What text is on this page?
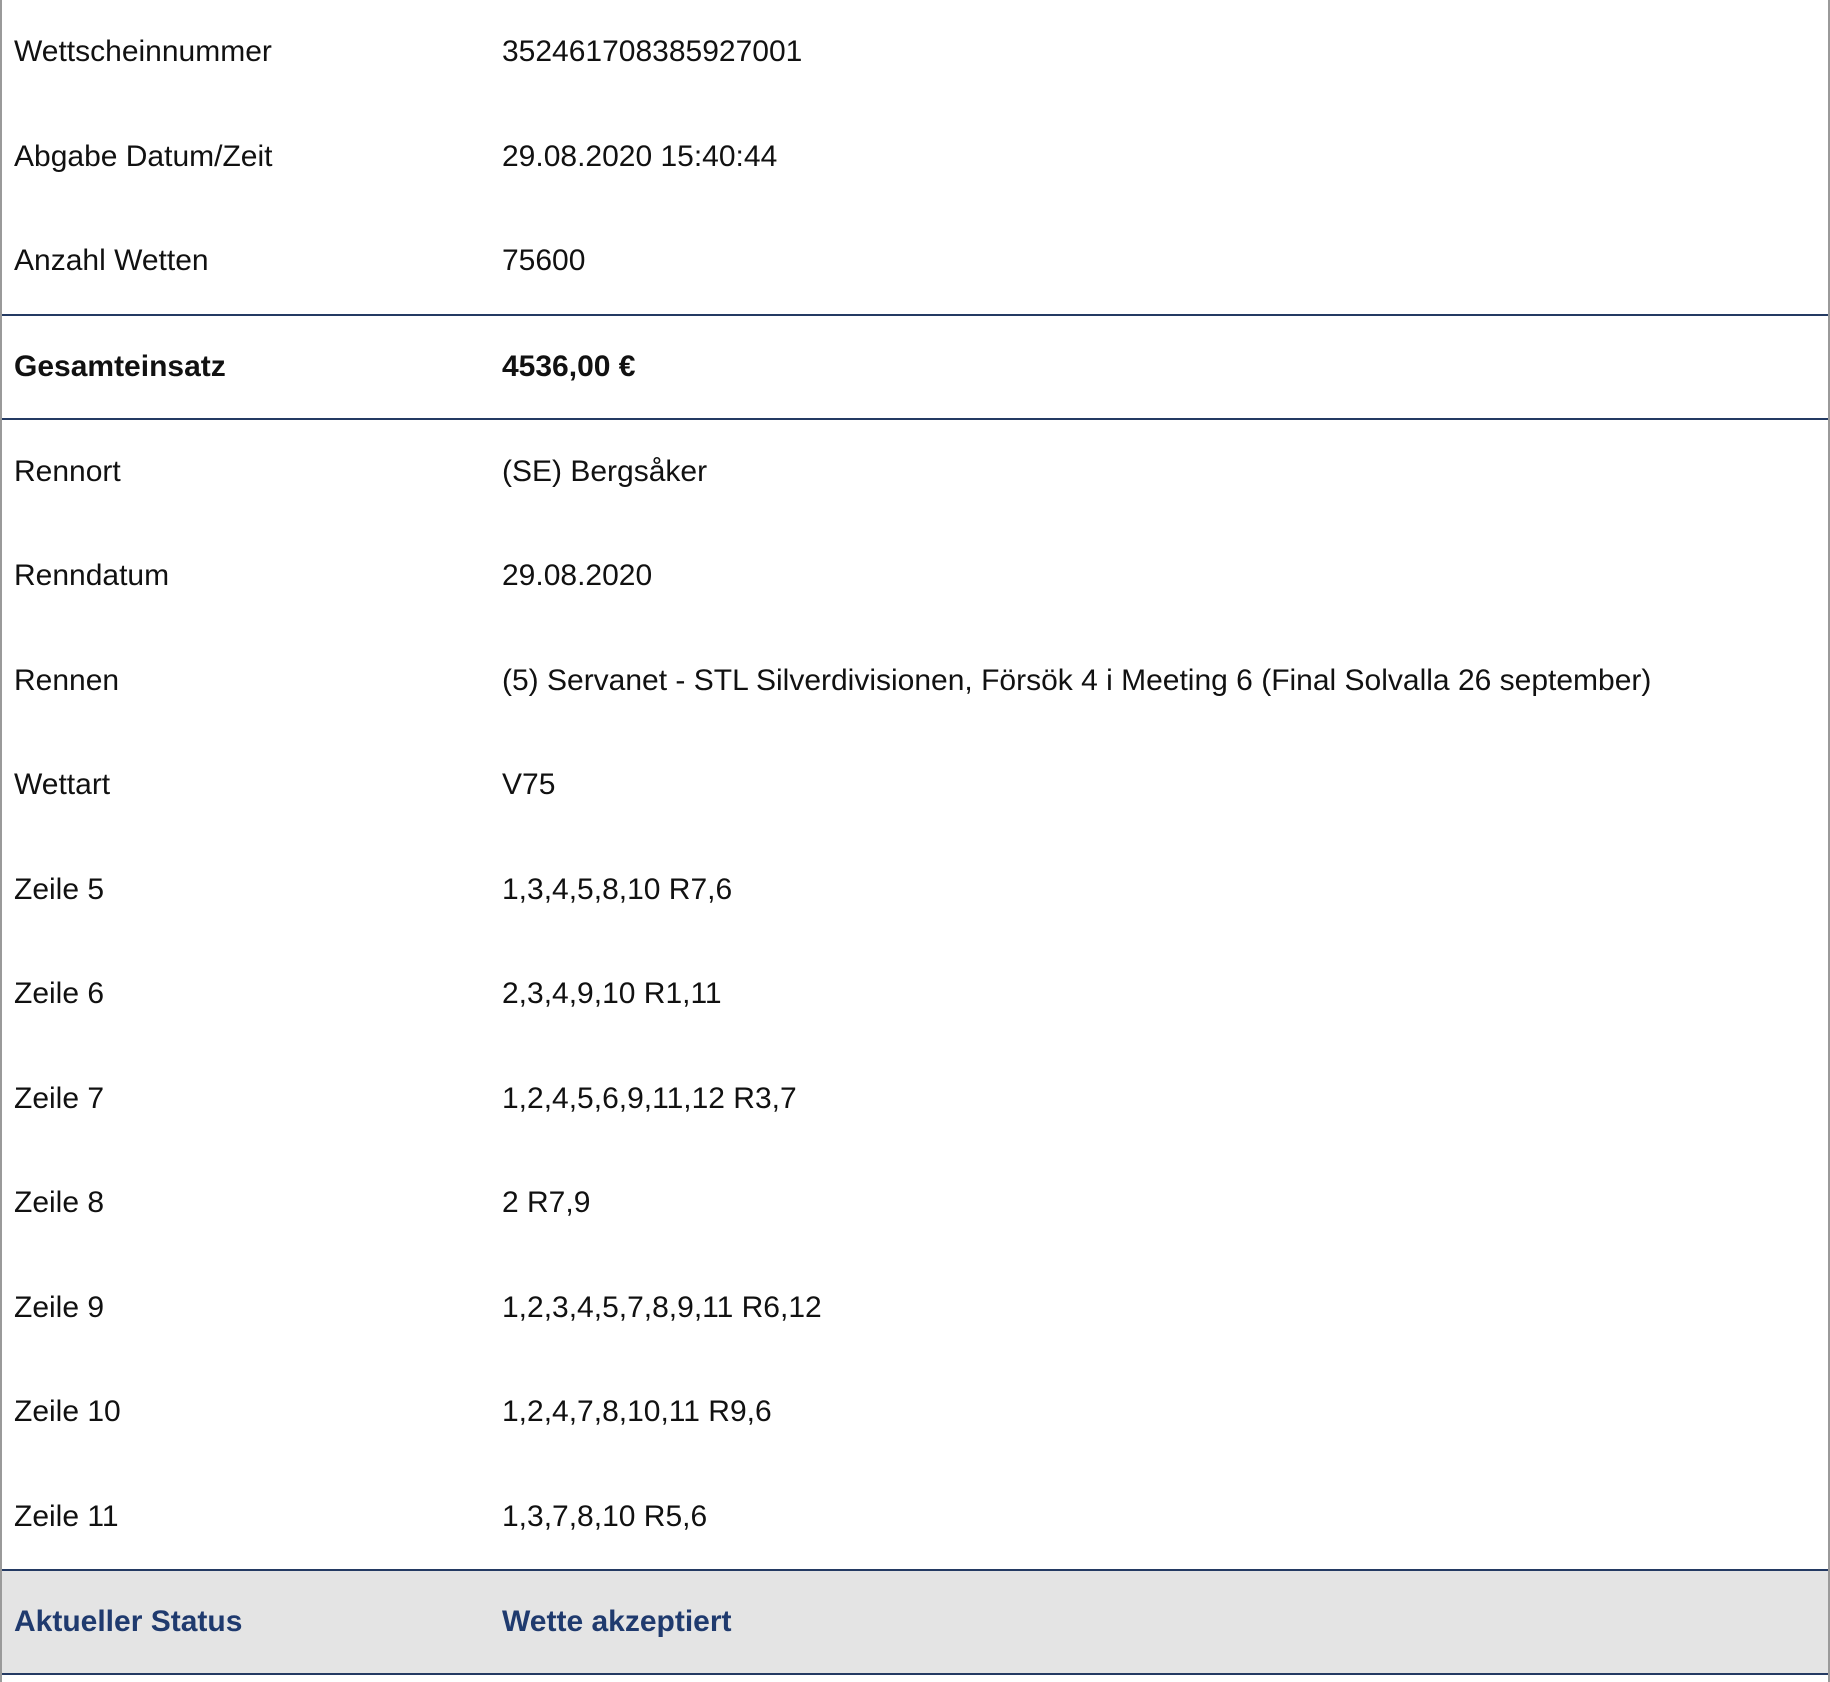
Wettscheinnummer	352461708385927001
Abgabe Datum/Zeit	29.08.2020 15:40:44
Anzahl Wetten	75600
Gesamteinsatz	4536,00 €
Rennort	(SE) Bergsåker
Renndatum	29.08.2020
Rennen	(5) Servanet - STL Silverdivisionen, Försök 4 i Meeting 6 (Final Solvalla 26 september)
Wettart	V75
Zeile 5	1,3,4,5,8,10 R7,6
Zeile 6	2,3,4,9,10 R1,11
Zeile 7	1,2,4,5,6,9,11,12 R3,7
Zeile 8	2 R7,9
Zeile 9	1,2,3,4,5,7,8,9,11 R6,12
Zeile 10	1,2,4,7,8,10,11 R9,6
Zeile 11	1,3,7,8,10 R5,6
Aktueller Status	Wette akzeptiert
